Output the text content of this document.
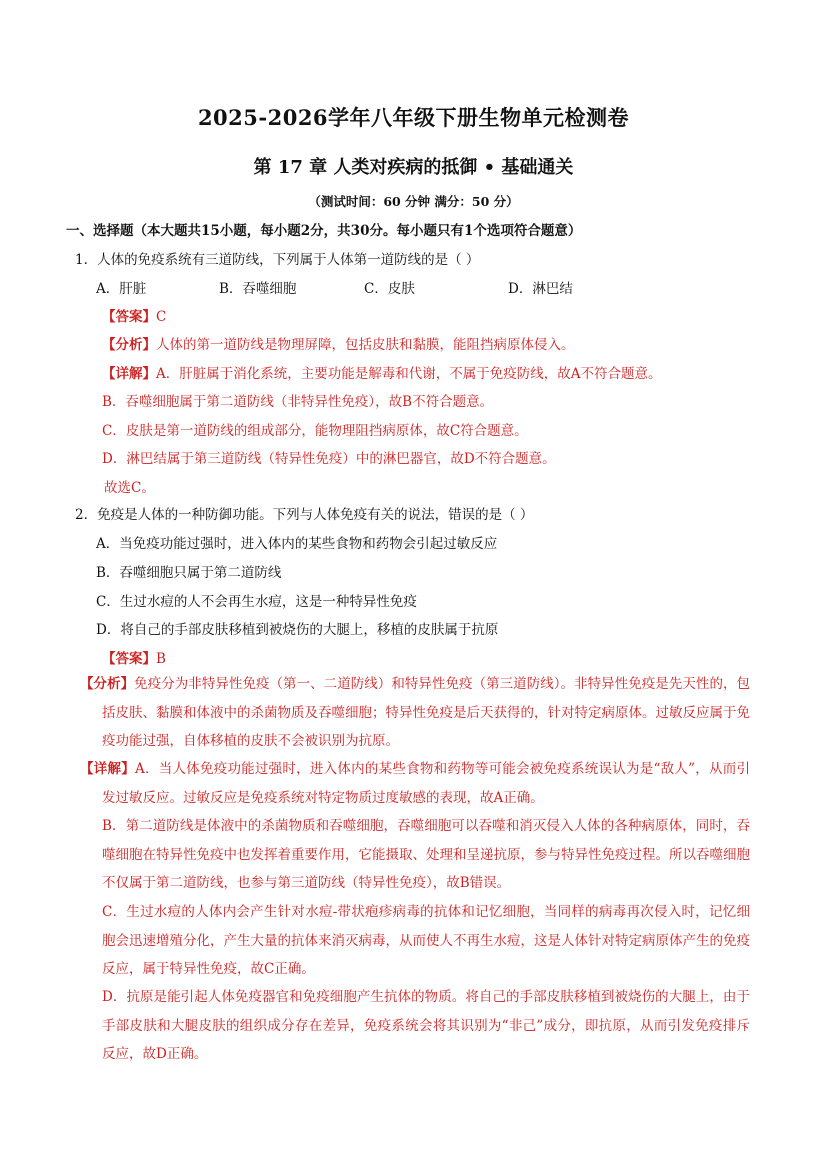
2025-2026学年八年级下册生物单元检测卷
第 17 章 人类对疾病的抵御 • 基础通关
（测试时间：60 分钟 满分：50 分）
一、选择题（本大题共15小题，每小题2分，共30分。每小题只有1个选项符合题意）
1．人体的免疫系统有三道防线，下列属于人体第一道防线的是（ ）
A．肝脏	B．吞噬细胞	C．皮肤	D．淋巴结
【答案】C
【分析】人体的第一道防线是物理屏障，包括皮肤和黏膜，能阻挡病原体侵入。
【详解】A．肝脏属于消化系统，主要功能是解毒和代谢，不属于免疫防线，故A不符合题意。
B．吞噬细胞属于第二道防线（非特异性免疫），故B不符合题意。
C．皮肤是第一道防线的组成部分，能物理阻挡病原体，故C符合题意。
D．淋巴结属于第三道防线（特异性免疫）中的淋巴器官，故D不符合题意。
故选C。
2．免疫是人体的一种防御功能。下列与人体免疫有关的说法，错误的是（ ）
A．当免疫功能过强时，进入体内的某些食物和药物会引起过敏反应
B．吞噬细胞只属于第二道防线
C．生过水痘的人不会再生水痘，这是一种特异性免疫
D．将自己的手部皮肤移植到被烧伤的大腿上，移植的皮肤属于抗原
【答案】B
【分析】免疫分为非特异性免疫（第一、二道防线）和特异性免疫（第三道防线）。非特异性免疫是先天性的，包括皮肤、黏膜和体液中的杀菌物质及吞噬细胞；特异性免疫是后天获得的，针对特定病原体。过敏反应属于免疫功能过强，自体移植的皮肤不会被识别为抗原。
【详解】A．当人体免疫功能过强时，进入体内的某些食物和药物等可能会被免疫系统误认为是“敌人”，从而引发过敏反应。过敏反应是免疫系统对特定物质过度敏感的表现，故A正确。
B．第二道防线是体液中的杀菌物质和吞噬细胞，吞噬细胞可以吞噬和消灭侵入人体的各种病原体，同时，吞噬细胞在特异性免疫中也发挥着重要作用，它能摄取、处理和呈递抗原，参与特异性免疫过程。所以吞噬细胞不仅属于第二道防线，也参与第三道防线（特异性免疫），故B错误。
C．生过水痘的人体内会产生针对水痘-带状疱疹病毒的抗体和记忆细胞，当同样的病毒再次侵入时，记忆细胞会迅速增殖分化，产生大量的抗体来消灭病毒，从而使人不再生水痘，这是人体针对特定病原体产生的免疫反应，属于特异性免疫，故C正确。
D．抗原是能引起人体免疫器官和免疫细胞产生抗体的物质。将自己的手部皮肤移植到被烧伤的大腿上，由于手部皮肤和大腿皮肤的组织成分存在差异，免疫系统会将其识别为“非己”成分，即抗原，从而引发免疫排斥反应，故D正确。
